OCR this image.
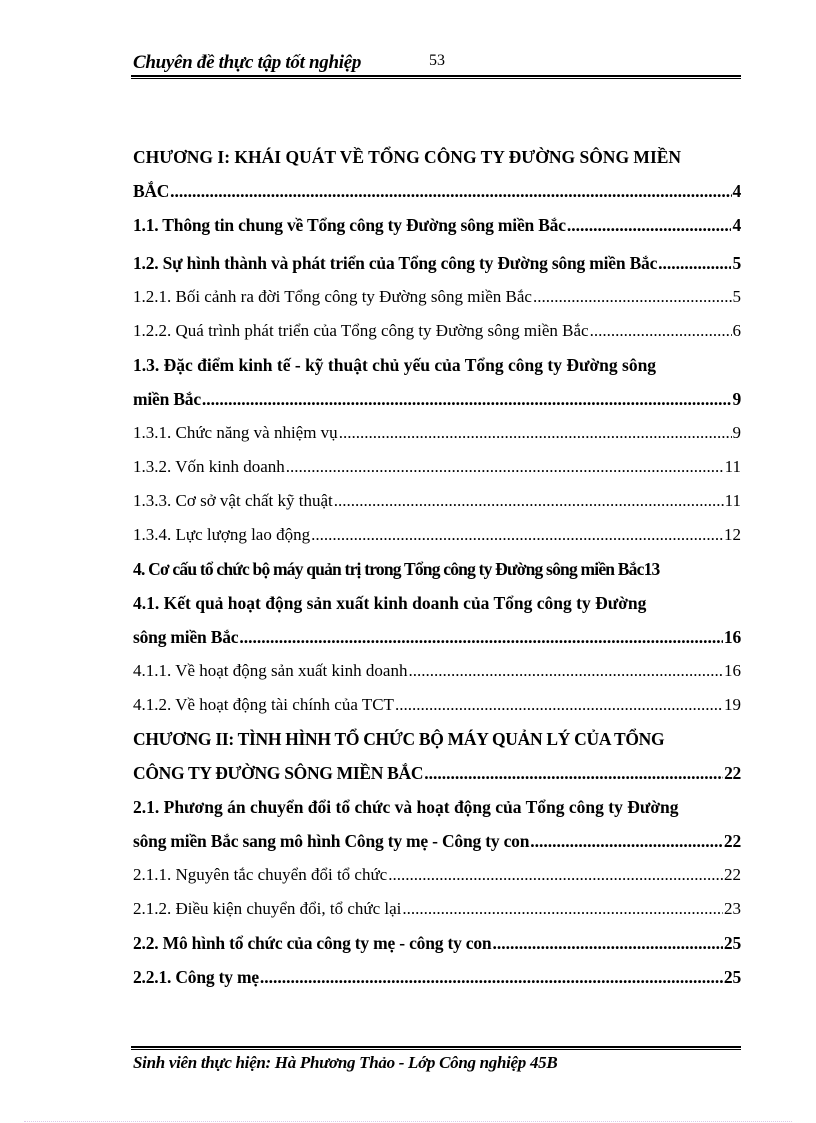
Chuyên đề thực tập tốt nghiệp	53
CHƯƠNG I: KHÁI QUÁT VỀ TỔNG CÔNG TY ĐƯỜNG SÔNG MIỀN
BẮC .....	4
1.1. Thông tin chung về Tổng công ty Đường sông miền Bắc .....	4
1.2. Sự hình thành và phát triển của Tổng công ty Đường sông miền Bắc .....	5
1.2.1. Bối cảnh ra đời Tổng công ty Đường sông miền Bắc .....	5
1.2.2. Quá trình phát triển của Tổng công ty Đường sông miền Bắc .....	6
1.3. Đặc điểm kinh tế - kỹ thuật chủ yếu của Tổng công ty Đường sông
miền Bắc .....	9
1.3.1. Chức năng và nhiệm vụ .....	9
1.3.2. Vốn kinh doanh .....	11
1.3.3. Cơ sở vật chất kỹ thuật .....	11
1.3.4. Lực lượng lao động .....	12
4. Cơ cấu tổ chức bộ máy quản trị trong Tổng công ty Đường sông miền Bắc 13
4.1. Kết quả hoạt động sản xuất kinh doanh của Tổng công ty Đường
sông miền Bắc .....	16
4.1.1. Về hoạt động sản xuất kinh doanh .....	16
4.1.2. Về hoạt động tài chính của TCT .....	19
CHƯƠNG II: TÌNH HÌNH TỔ CHỨC BỘ MÁY QUẢN LÝ CỦA TỔNG
CÔNG TY ĐƯỜNG SÔNG MIỀN BẮC .....	22
2.1. Phương án chuyển đổi tổ chức và hoạt động của Tổng công ty Đường
sông miền Bắc sang mô hình Công ty mẹ - Công ty con .....	22
2.1.1. Nguyên tắc chuyển đổi tổ chức .....	22
2.1.2. Điều kiện chuyển đổi, tổ chức lại .....	23
2.2. Mô hình tổ chức của công ty mẹ - công ty con .....	25
2.2.1. Công ty mẹ .....	25
Sinh viên thực hiện: Hà Phương Thảo - Lớp Công nghiệp 45B
